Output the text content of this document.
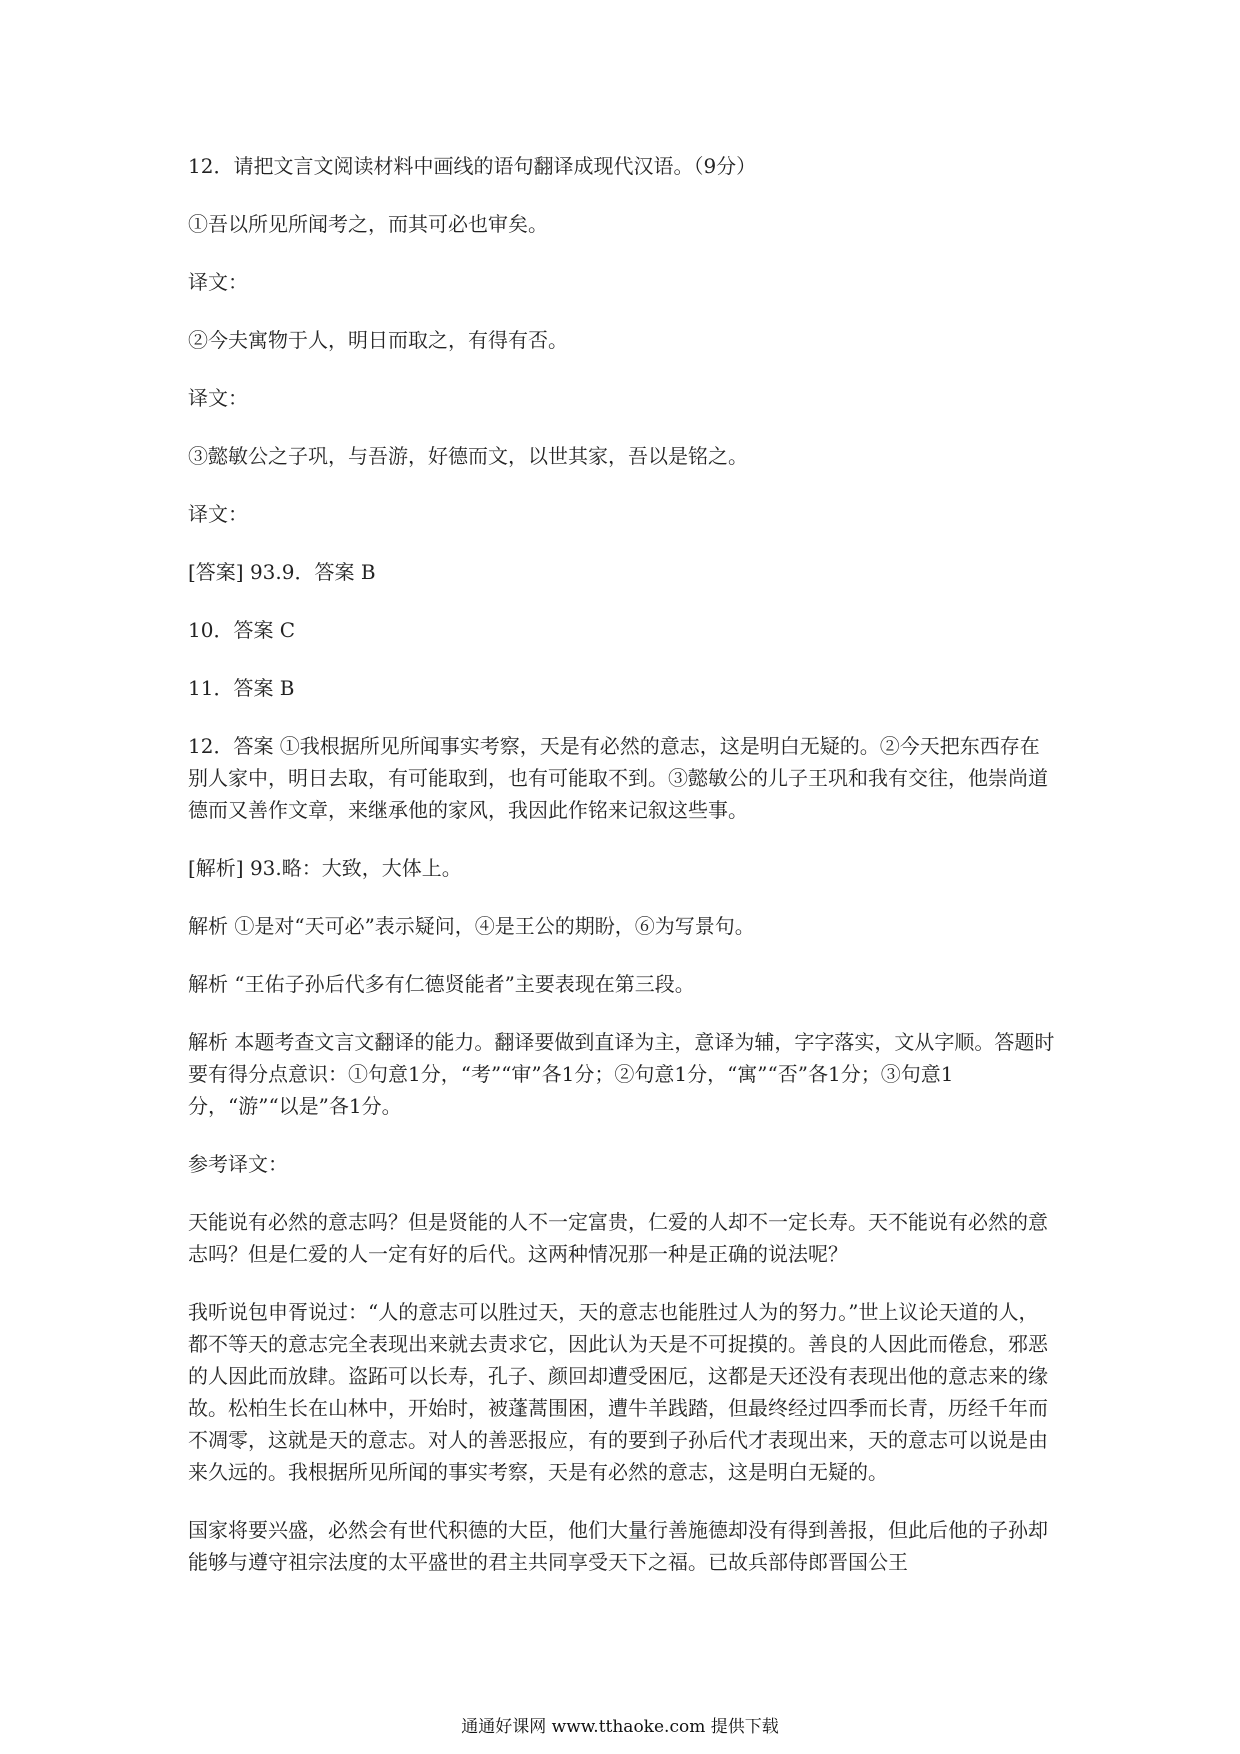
12．请把文言文阅读材料中画线的语句翻译成现代汉语。（9分）

①吾以所见所闻考之，而其可必也审矣。

译文：

②今夫寓物于人，明日而取之，有得有否。

译文：

③懿敏公之子巩，与吾游，好德而文，以世其家，吾以是铭之。

译文：

[答案] 93.9．答案 B

10．答案 C

11．答案 B

12．答案 ①我根据所见所闻事实考察，天是有必然的意志，这是明白无疑的。②今天把东西存在别人家中，明日去取，有可能取到，也有可能取不到。③懿敏公的儿子王巩和我有交往，他崇尚道德而又善作文章，来继承他的家风，我因此作铭来记叙这些事。

[解析] 93.略：大致，大体上。

解析 ①是对“天可必”表示疑问，④是王公的期盼，⑥为写景句。

解析 “王佑子孙后代多有仁德贤能者”主要表现在第三段。

解析 本题考查文言文翻译的能力。翻译要做到直译为主，意译为辅，字字落实，文从字顺。答题时要有得分点意识：①句意1分，“考”“审”各1分；②句意1分，“寓”“否”各1分；③句意1分，“游”“以是”各1分。

参考译文：

天能说有必然的意志吗？但是贤能的人不一定富贵，仁爱的人却不一定长寿。天不能说有必然的意志吗？但是仁爱的人一定有好的后代。这两种情况那一种是正确的说法呢？

我听说包申胥说过：“人的意志可以胜过天，天的意志也能胜过人为的努力。”世上议论天道的人，都不等天的意志完全表现出来就去责求它，因此认为天是不可捉摸的。善良的人因此而倦怠，邪恶的人因此而放肆。盗跖可以长寿，孔子、颜回却遭受困厄，这都是天还没有表现出他的意志来的缘故。松柏生长在山林中，开始时，被蓬蒿围困，遭牛羊践踏，但最终经过四季而长青，历经千年而不凋零，这就是天的意志。对人的善恶报应，有的要到子孙后代才表现出来，天的意志可以说是由来久远的。我根据所见所闻的事实考察，天是有必然的意志，这是明白无疑的。

国家将要兴盛，必然会有世代积德的大臣，他们大量行善施德却没有得到善报，但此后他的子孙却能够与遵守祖宗法度的太平盛世的君主共同享受天下之福。已故兵部侍郎晋国公王

通通好课网 www.tthaoke.com 提供下载
